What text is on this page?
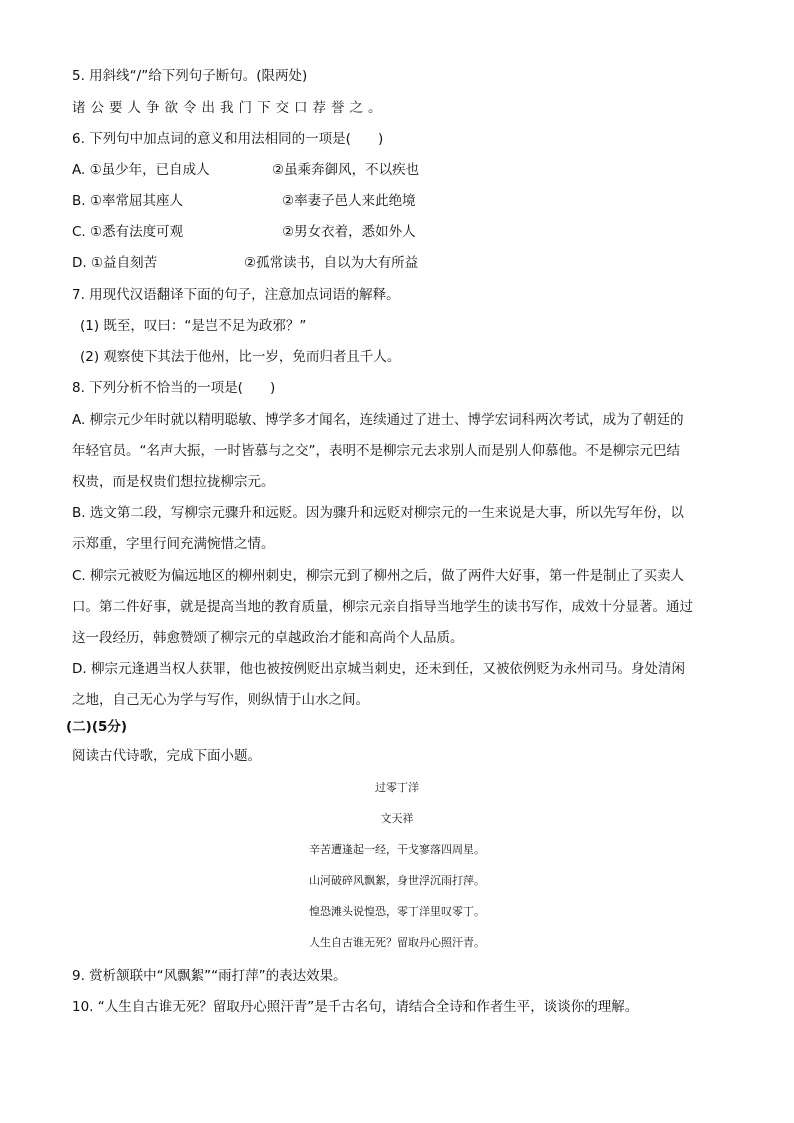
5. 用斜线“/”给下列句子断句。(限两处)
诸公要人争欲令出我门下交口荐誉之。
6. 下列句中加点词的意义和用法相同的一项是(　　)
A. ①虽少年，已自成人	②虽乘奔御风，不以疾也
B. ①率常屈其座人	②率妻子邑人来此绝境
C. ①悉有法度可观	②男女衣着，悉如外人
D. ①益自刻苦	②孤常读书，自以为大有所益
7. 用现代汉语翻译下面的句子，注意加点词语的解释。
(1) 既至，叹曰：“是岂不足为政邪？”
(2) 观察使下其法于他州，比一岁，免而归者且千人。
8. 下列分析不恰当的一项是(　　)
A. 柳宗元少年时就以精明聪敏、博学多才闻名，连续通过了进士、博学宏词科两次考试，成为了朝廷的
年轻官员。“名声大振，一时皆慕与之交”，表明不是柳宗元去求别人而是别人仰慕他。不是柳宗元巴结
权贵，而是权贵们想拉拢柳宗元。
B. 选文第二段，写柳宗元骤升和远贬。因为骤升和远贬对柳宗元的一生来说是大事，所以先写年份，以
示郑重，字里行间充满惋惜之情。
C. 柳宗元被贬为偏远地区的柳州刺史，柳宗元到了柳州之后，做了两件大好事，第一件是制止了买卖人
口。第二件好事，就是提高当地的教育质量，柳宗元亲自指导当地学生的读书写作，成效十分显著。通过
这一段经历，韩愈赞颂了柳宗元的卓越政治才能和高尚个人品质。
D. 柳宗元逢遇当权人获罪，他也被按例贬出京城当刺史，还未到任，又被依例贬为永州司马。身处清闲
之地，自己无心为学与写作，则纵情于山水之间。
(二)(5分)
阅读古代诗歌，完成下面小题。
过零丁洋
文天祥
辛苦遭逢起一经，干戈寥落四周星。
山河破碎风飘絮，身世浮沉雨打萍。
惶恐滩头说惶恐，零丁洋里叹零丁。
人生自古谁无死？留取丹心照汗青。
9. 赏析颔联中“风飘絮”“雨打萍”的表达效果。
10. “人生自古谁无死？留取丹心照汗青”是千古名句，请结合全诗和作者生平，谈谈你的理解。
